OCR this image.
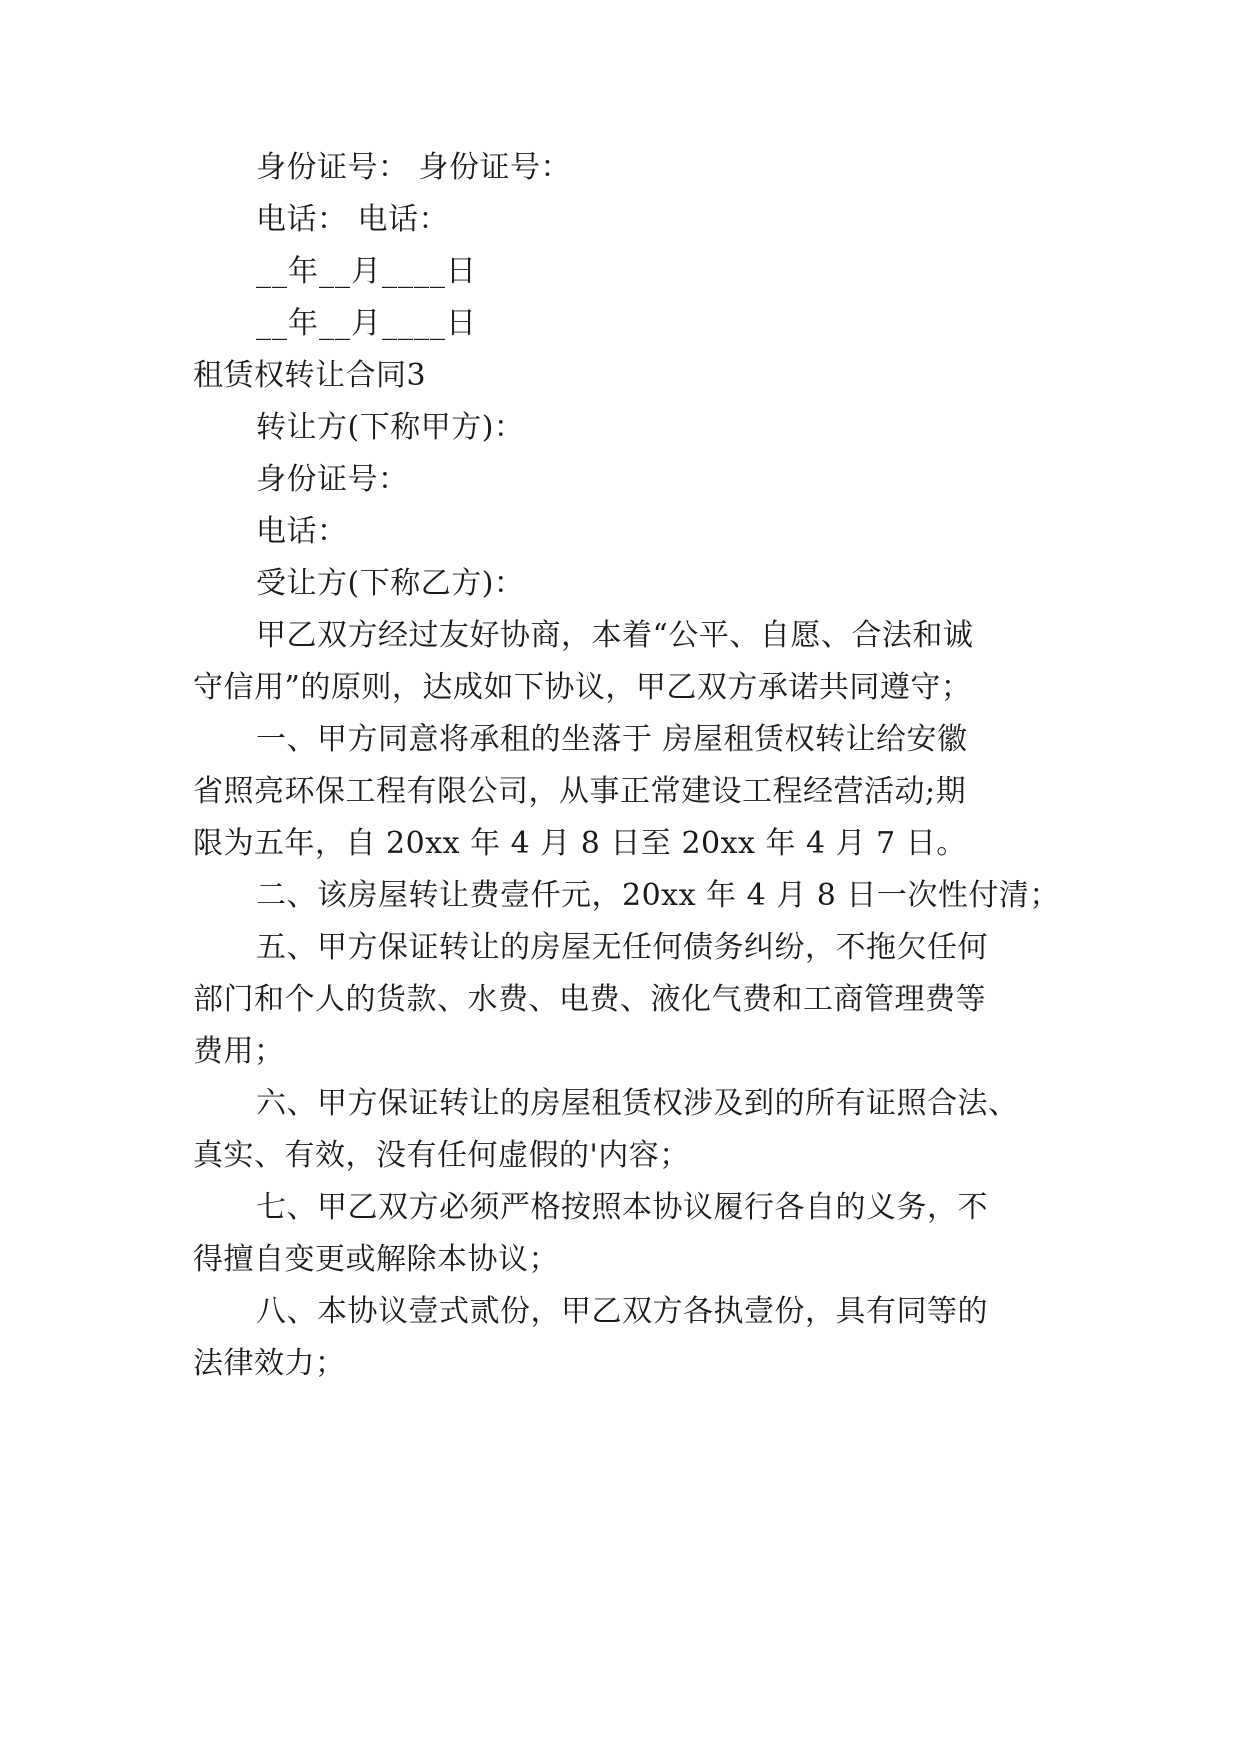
身份证号： 身份证号：
电话： 电话：
__年__月____日
__年__月____日
租赁权转让合同3
转让方(下称甲方)：
身份证号：
电话：
受让方(下称乙方)：
甲乙双方经过友好协商，本着“公平、自愿、合法和诚
守信用”的原则，达成如下协议，甲乙双方承诺共同遵守；
一、甲方同意将承租的坐落于 房屋租赁权转让给安徽
省照亮环保工程有限公司，从事正常建设工程经营活动;期
限为五年，自 20xx 年 4 月 8 日至 20xx 年 4 月 7 日。
二、该房屋转让费壹仟元，20xx 年 4 月 8 日一次性付清；
五、甲方保证转让的房屋无任何债务纠纷，不拖欠任何
部门和个人的货款、水费、电费、液化气费和工商管理费等
费用；
六、甲方保证转让的房屋租赁权涉及到的所有证照合法、
真实、有效，没有任何虚假的'内容；
七、甲乙双方必须严格按照本协议履行各自的义务，不
得擅自变更或解除本协议；
八、本协议壹式贰份，甲乙双方各执壹份，具有同等的
法律效力；
